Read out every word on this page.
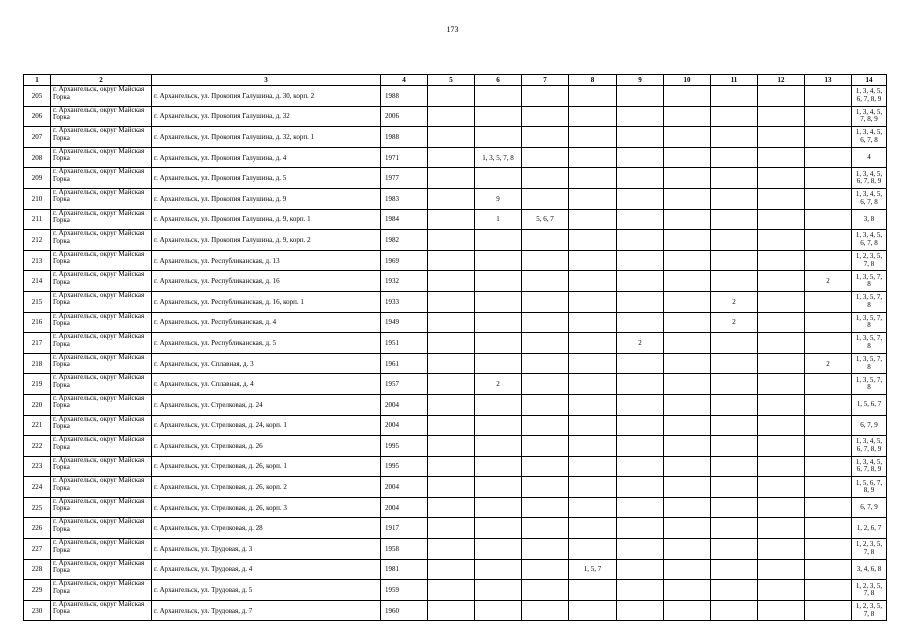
173
1	2	3	4	5	6	7	8	9	10	11	12	13	14
205	г. Архангельск, округ Майская Горка	г. Архангельск, ул. Прокопия Галушина, д. 30, корп. 2	1988										1, 3, 4, 5, 6, 7, 8, 9
206	г. Архангельск, округ Майская Горка	г. Архангельск, ул. Прокопия Галушина, д. 32	2006										1, 3, 4, 5, 7, 8, 9
207	г. Архангельск, округ Майская Горка	г. Архангельск, ул. Прокопия Галушина, д. 32, корп. 1	1988										1, 3, 4, 5, 6, 7, 8
208	г. Архангельск, округ Майская Горка	г. Архангельск, ул. Прокопия Галушина, д. 4	1971		1, 3, 5, 7, 8								4
209	г. Архангельск, округ Майская Горка	г. Архангельск, ул. Прокопия Галушина, д. 5	1977										1, 3, 4, 5, 6, 7, 8, 9
210	г. Архангельск, округ Майская Горка	г. Архангельск, ул. Прокопия Галушина, д. 9	1983		9								1, 3, 4, 5, 6, 7, 8
211	г. Архангельск, округ Майская Горка	г. Архангельск, ул. Прокопия Галушина, д. 9, корп. 1	1984		1	5, 6, 7							3, 8
212	г. Архангельск, округ Майская Горка	г. Архангельск, ул. Прокопия Галушина, д. 9, корп. 2	1982										1, 3, 4, 5, 6, 7, 8
213	г. Архангельск, округ Майская Горка	г. Архангельск, ул. Республиканская, д. 13	1969										1, 2, 3, 5, 7, 8
214	г. Архангельск, округ Майская Горка	г. Архангельск, ул. Республиканская, д. 16	1932									2	1, 3, 5, 7, 8
215	г. Архангельск, округ Майская Горка	г. Архангельск, ул. Республиканская, д. 16, корп. 1	1933							2			1, 3, 5, 7, 8
216	г. Архангельск, округ Майская Горка	г. Архангельск, ул. Республиканская, д. 4	1949							2			1, 3, 5, 7, 8
217	г. Архангельск, округ Майская Горка	г. Архангельск, ул. Республиканская, д. 5	1951					2					1, 3, 5, 7, 8
218	г. Архангельск, округ Майская Горка	г. Архангельск, ул. Сплавная, д. 3	1961									2	1, 3, 5, 7, 8
219	г. Архангельск, округ Майская Горка	г. Архангельск, ул. Сплавная, д. 4	1957		2								1, 3, 5, 7, 8
220	г. Архангельск, округ Майская Горка	г. Архангельск, ул. Стрелковая, д. 24	2004										1, 5, 6, 7
221	г. Архангельск, округ Майская Горка	г. Архангельск, ул. Стрелковая, д. 24, корп. 1	2004										6, 7, 9
222	г. Архангельск, округ Майская Горка	г. Архангельск, ул. Стрелковая, д. 26	1995										1, 3, 4, 5, 6, 7, 8, 9
223	г. Архангельск, округ Майская Горка	г. Архангельск, ул. Стрелковая, д. 26, корп. 1	1995										1, 3, 4, 5, 6, 7, 8, 9
224	г. Архангельск, округ Майская Горка	г. Архангельск, ул. Стрелковая, д. 26, корп. 2	2004										1, 5, 6, 7, 8, 9
225	г. Архангельск, округ Майская Горка	г. Архангельск, ул. Стрелковая, д. 26, корп. 3	2004										6, 7, 9
226	г. Архангельск, округ Майская Горка	г. Архангельск, ул. Стрелковая, д. 28	1917										1, 2, 6, 7
227	г. Архангельск, округ Майская Горка	г. Архангельск, ул. Трудовая, д. 3	1958										1, 2, 3, 5, 7, 8
228	г. Архангельск, округ Майская Горка	г. Архангельск, ул. Трудовая, д. 4	1981				1, 5, 7						3, 4, 6, 8
229	г. Архангельск, округ Майская Горка	г. Архангельск, ул. Трудовая, д. 5	1959										1, 2, 3, 5, 7, 8
230	г. Архангельск, округ Майская Горка	г. Архангельск, ул. Трудовая, д. 7	1960										1, 2, 3, 5, 7, 8
